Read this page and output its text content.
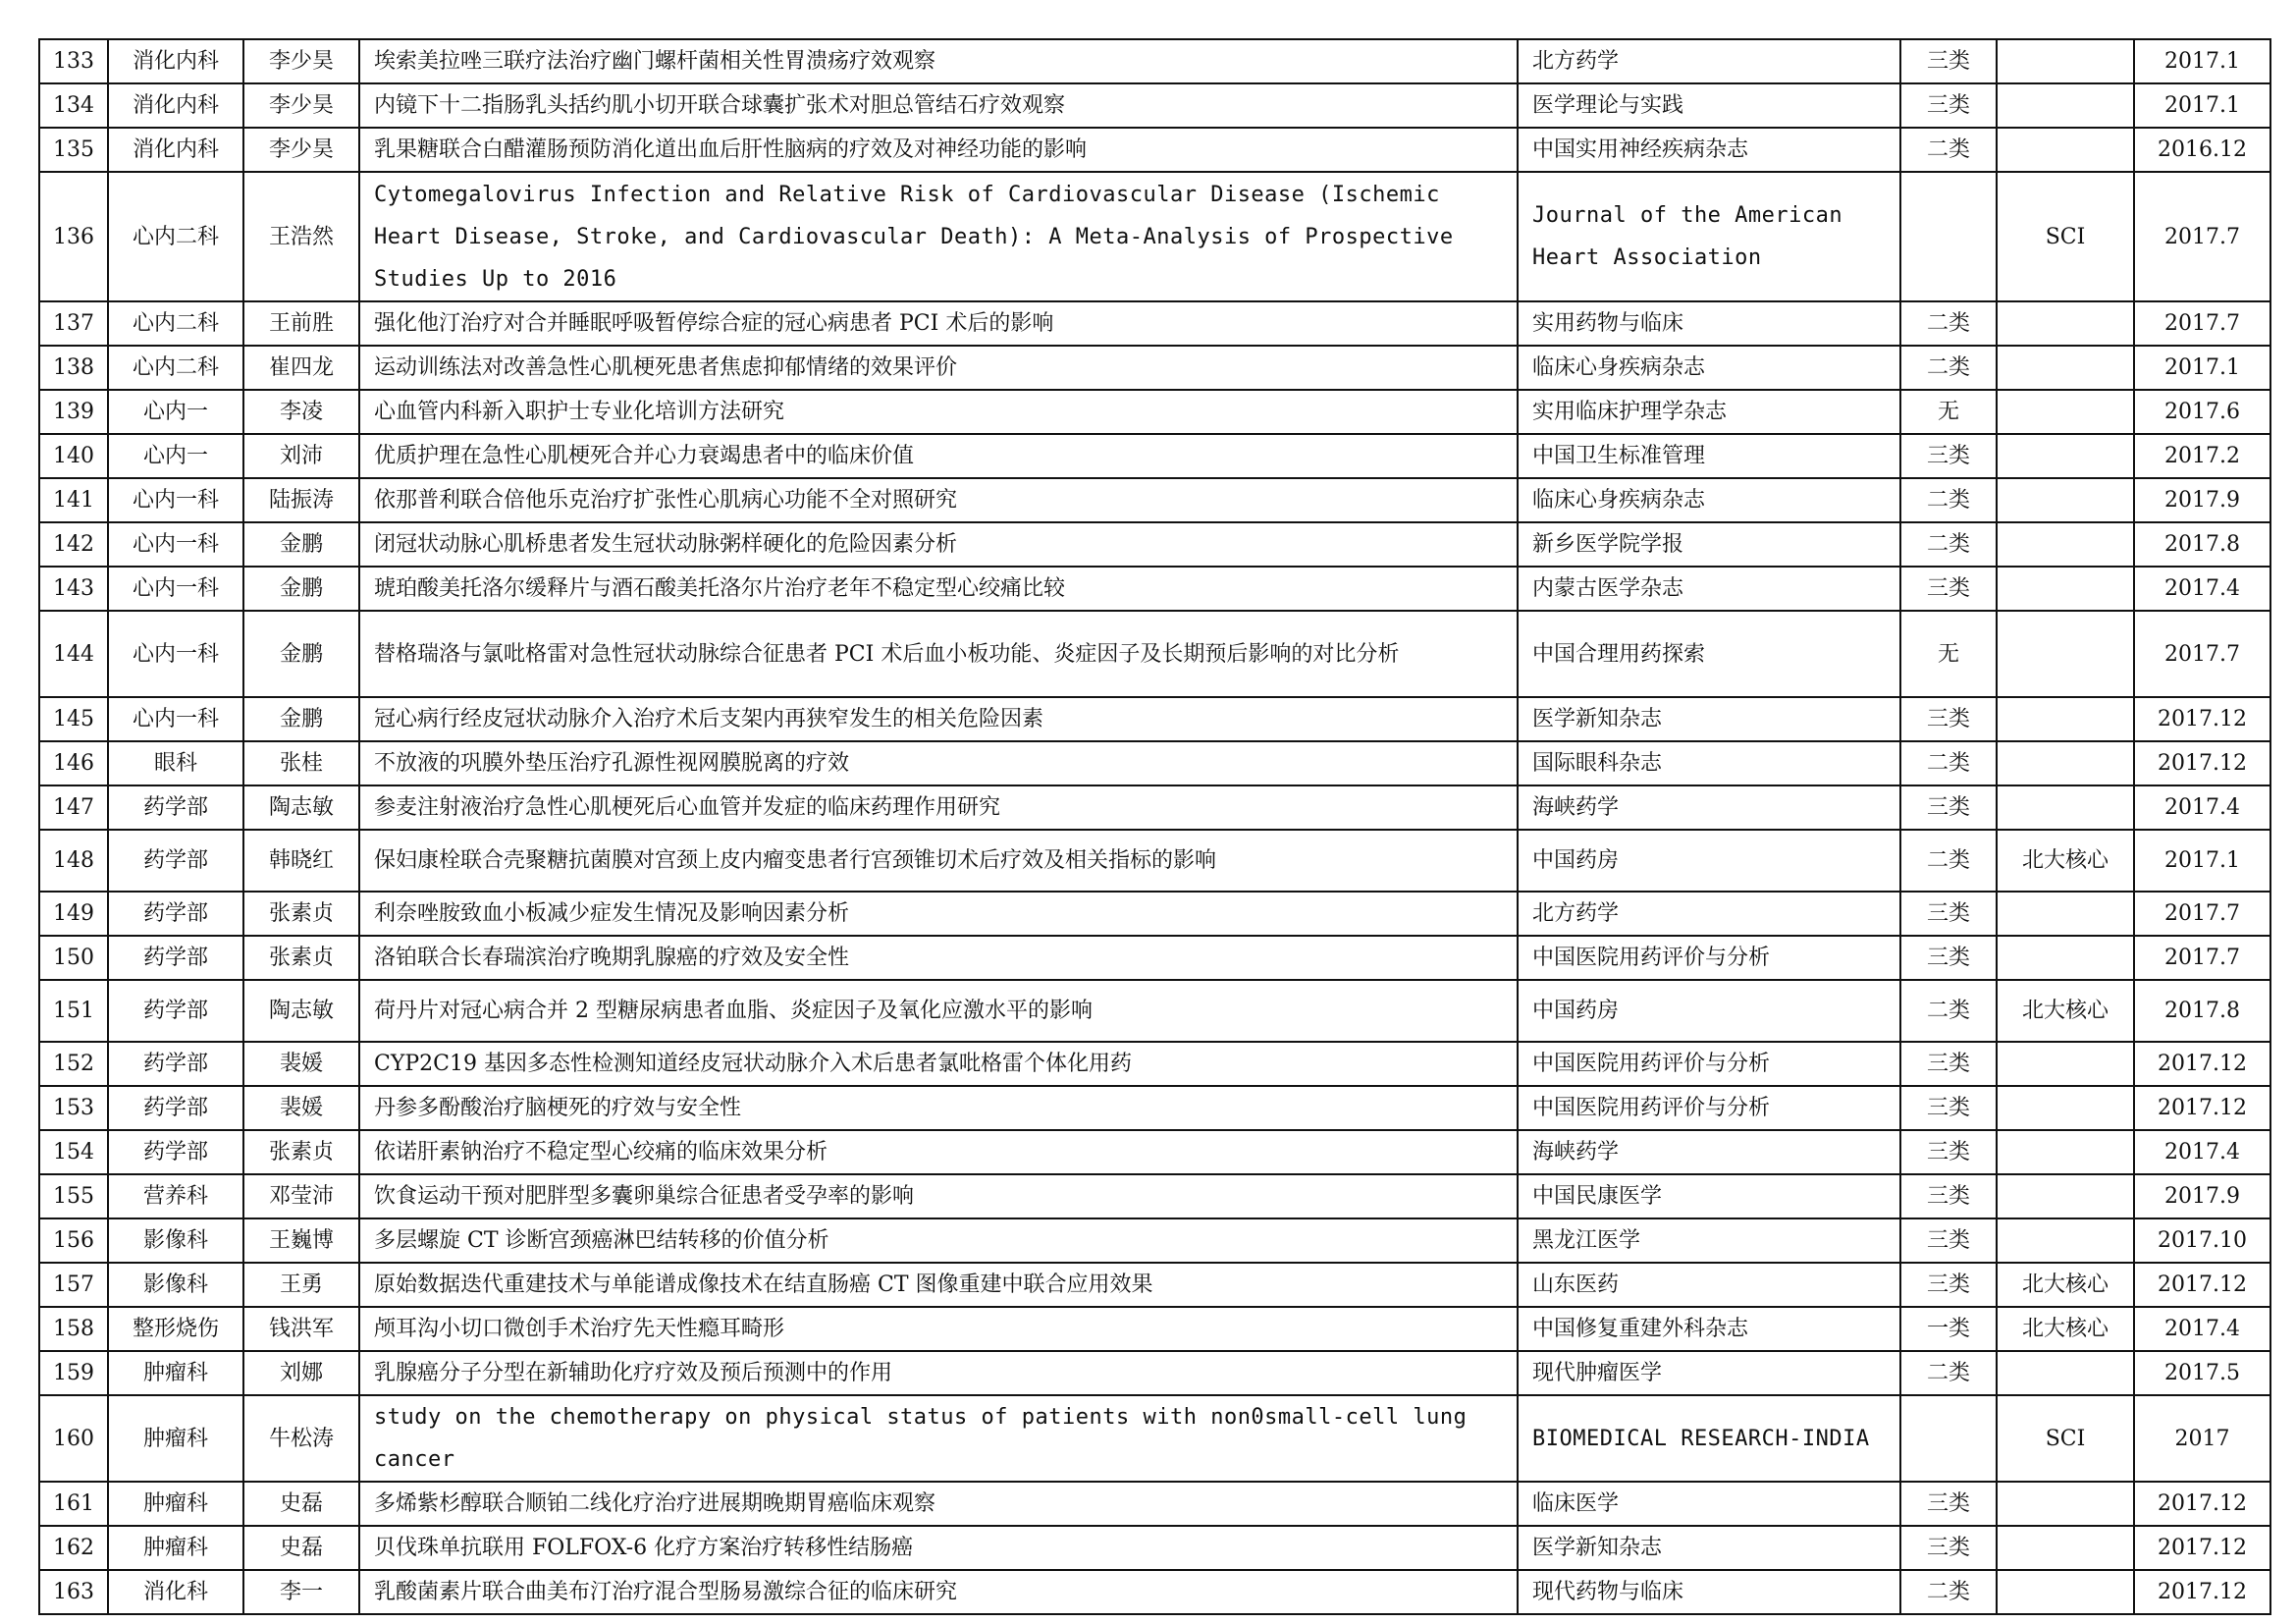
133	消化内科	李少昊	埃索美拉唑三联疗法治疗幽门螺杆菌相关性胃溃疡疗效观察	北方药学	三类		2017.1
134	消化内科	李少昊	内镜下十二指肠乳头括约肌小切开联合球囊扩张术对胆总管结石疗效观察	医学理论与实践	三类		2017.1
135	消化内科	李少昊	乳果糖联合白醋灌肠预防消化道出血后肝性脑病的疗效及对神经功能的影响	中国实用神经疾病杂志	二类		2016.12
136	心内二科	王浩然	Cytomegalovirus Infection and Relative Risk of Cardiovascular Disease (Ischemic Heart Disease, Stroke, and Cardiovascular Death): A Meta-Analysis of Prospective Studies Up to 2016	Journal of the American Heart Association		SCI	2017.7
137	心内二科	王前胜	强化他汀治疗对合并睡眠呼吸暂停综合症的冠心病患者 PCI 术后的影响	实用药物与临床	二类		2017.7
138	心内二科	崔四龙	运动训练法对改善急性心肌梗死患者焦虑抑郁情绪的效果评价	临床心身疾病杂志	二类		2017.1
139	心内一	李凌	心血管内科新入职护士专业化培训方法研究	实用临床护理学杂志	无		2017.6
140	心内一	刘沛	优质护理在急性心肌梗死合并心力衰竭患者中的临床价值	中国卫生标准管理	三类		2017.2
141	心内一科	陆振涛	依那普利联合倍他乐克治疗扩张性心肌病心功能不全对照研究	临床心身疾病杂志	二类		2017.9
142	心内一科	金鹏	闭冠状动脉心肌桥患者发生冠状动脉粥样硬化的危险因素分析	新乡医学院学报	二类		2017.8
143	心内一科	金鹏	琥珀酸美托洛尔缓释片与酒石酸美托洛尔片治疗老年不稳定型心绞痛比较	内蒙古医学杂志	三类		2017.4
144	心内一科	金鹏	替格瑞洛与氯吡格雷对急性冠状动脉综合征患者 PCI 术后血小板功能、炎症因子及长期预后影响的对比分析	中国合理用药探索	无		2017.7
145	心内一科	金鹏	冠心病行经皮冠状动脉介入治疗术后支架内再狭窄发生的相关危险因素	医学新知杂志	三类		2017.12
146	眼科	张桂	不放液的巩膜外垫压治疗孔源性视网膜脱离的疗效	国际眼科杂志	二类		2017.12
147	药学部	陶志敏	参麦注射液治疗急性心肌梗死后心血管并发症的临床药理作用研究	海峡药学	三类		2017.4
148	药学部	韩晓红	保妇康栓联合壳聚糖抗菌膜对宫颈上皮内瘤变患者行宫颈锥切术后疗效及相关指标的影响	中国药房	二类	北大核心	2017.1
149	药学部	张素贞	利奈唑胺致血小板减少症发生情况及影响因素分析	北方药学	三类		2017.7
150	药学部	张素贞	洛铂联合长春瑞滨治疗晚期乳腺癌的疗效及安全性	中国医院用药评价与分析	三类		2017.7
151	药学部	陶志敏	荷丹片对冠心病合并 2 型糖尿病患者血脂、炎症因子及氧化应激水平的影响	中国药房	二类	北大核心	2017.8
152	药学部	裴媛	CYP2C19 基因多态性检测知道经皮冠状动脉介入术后患者氯吡格雷个体化用药	中国医院用药评价与分析	三类		2017.12
153	药学部	裴媛	丹参多酚酸治疗脑梗死的疗效与安全性	中国医院用药评价与分析	三类		2017.12
154	药学部	张素贞	依诺肝素钠治疗不稳定型心绞痛的临床效果分析	海峡药学	三类		2017.4
155	营养科	邓莹沛	饮食运动干预对肥胖型多囊卵巢综合征患者受孕率的影响	中国民康医学	三类		2017.9
156	影像科	王巍博	多层螺旋 CT 诊断宫颈癌淋巴结转移的价值分析	黑龙江医学	三类		2017.10
157	影像科	王勇	原始数据迭代重建技术与单能谱成像技术在结直肠癌 CT 图像重建中联合应用效果	山东医药	三类	北大核心	2017.12
158	整形烧伤	钱洪军	颅耳沟小切口微创手术治疗先天性瘾耳畸形	中国修复重建外科杂志	一类	北大核心	2017.4
159	肿瘤科	刘娜	乳腺癌分子分型在新辅助化疗疗效及预后预测中的作用	现代肿瘤医学	二类		2017.5
160	肿瘤科	牛松涛	study on the chemotherapy on physical status of patients with non0small-cell lung cancer	BIOMEDICAL RESEARCH-INDIA		SCI	2017
161	肿瘤科	史磊	多烯紫杉醇联合顺铂二线化疗治疗进展期晚期胃癌临床观察	临床医学	三类		2017.12
162	肿瘤科	史磊	贝伐珠单抗联用 FOLFOX-6 化疗方案治疗转移性结肠癌	医学新知杂志	三类		2017.12
163	消化科	李一	乳酸菌素片联合曲美布汀治疗混合型肠易激综合征的临床研究	现代药物与临床	二类		2017.12
